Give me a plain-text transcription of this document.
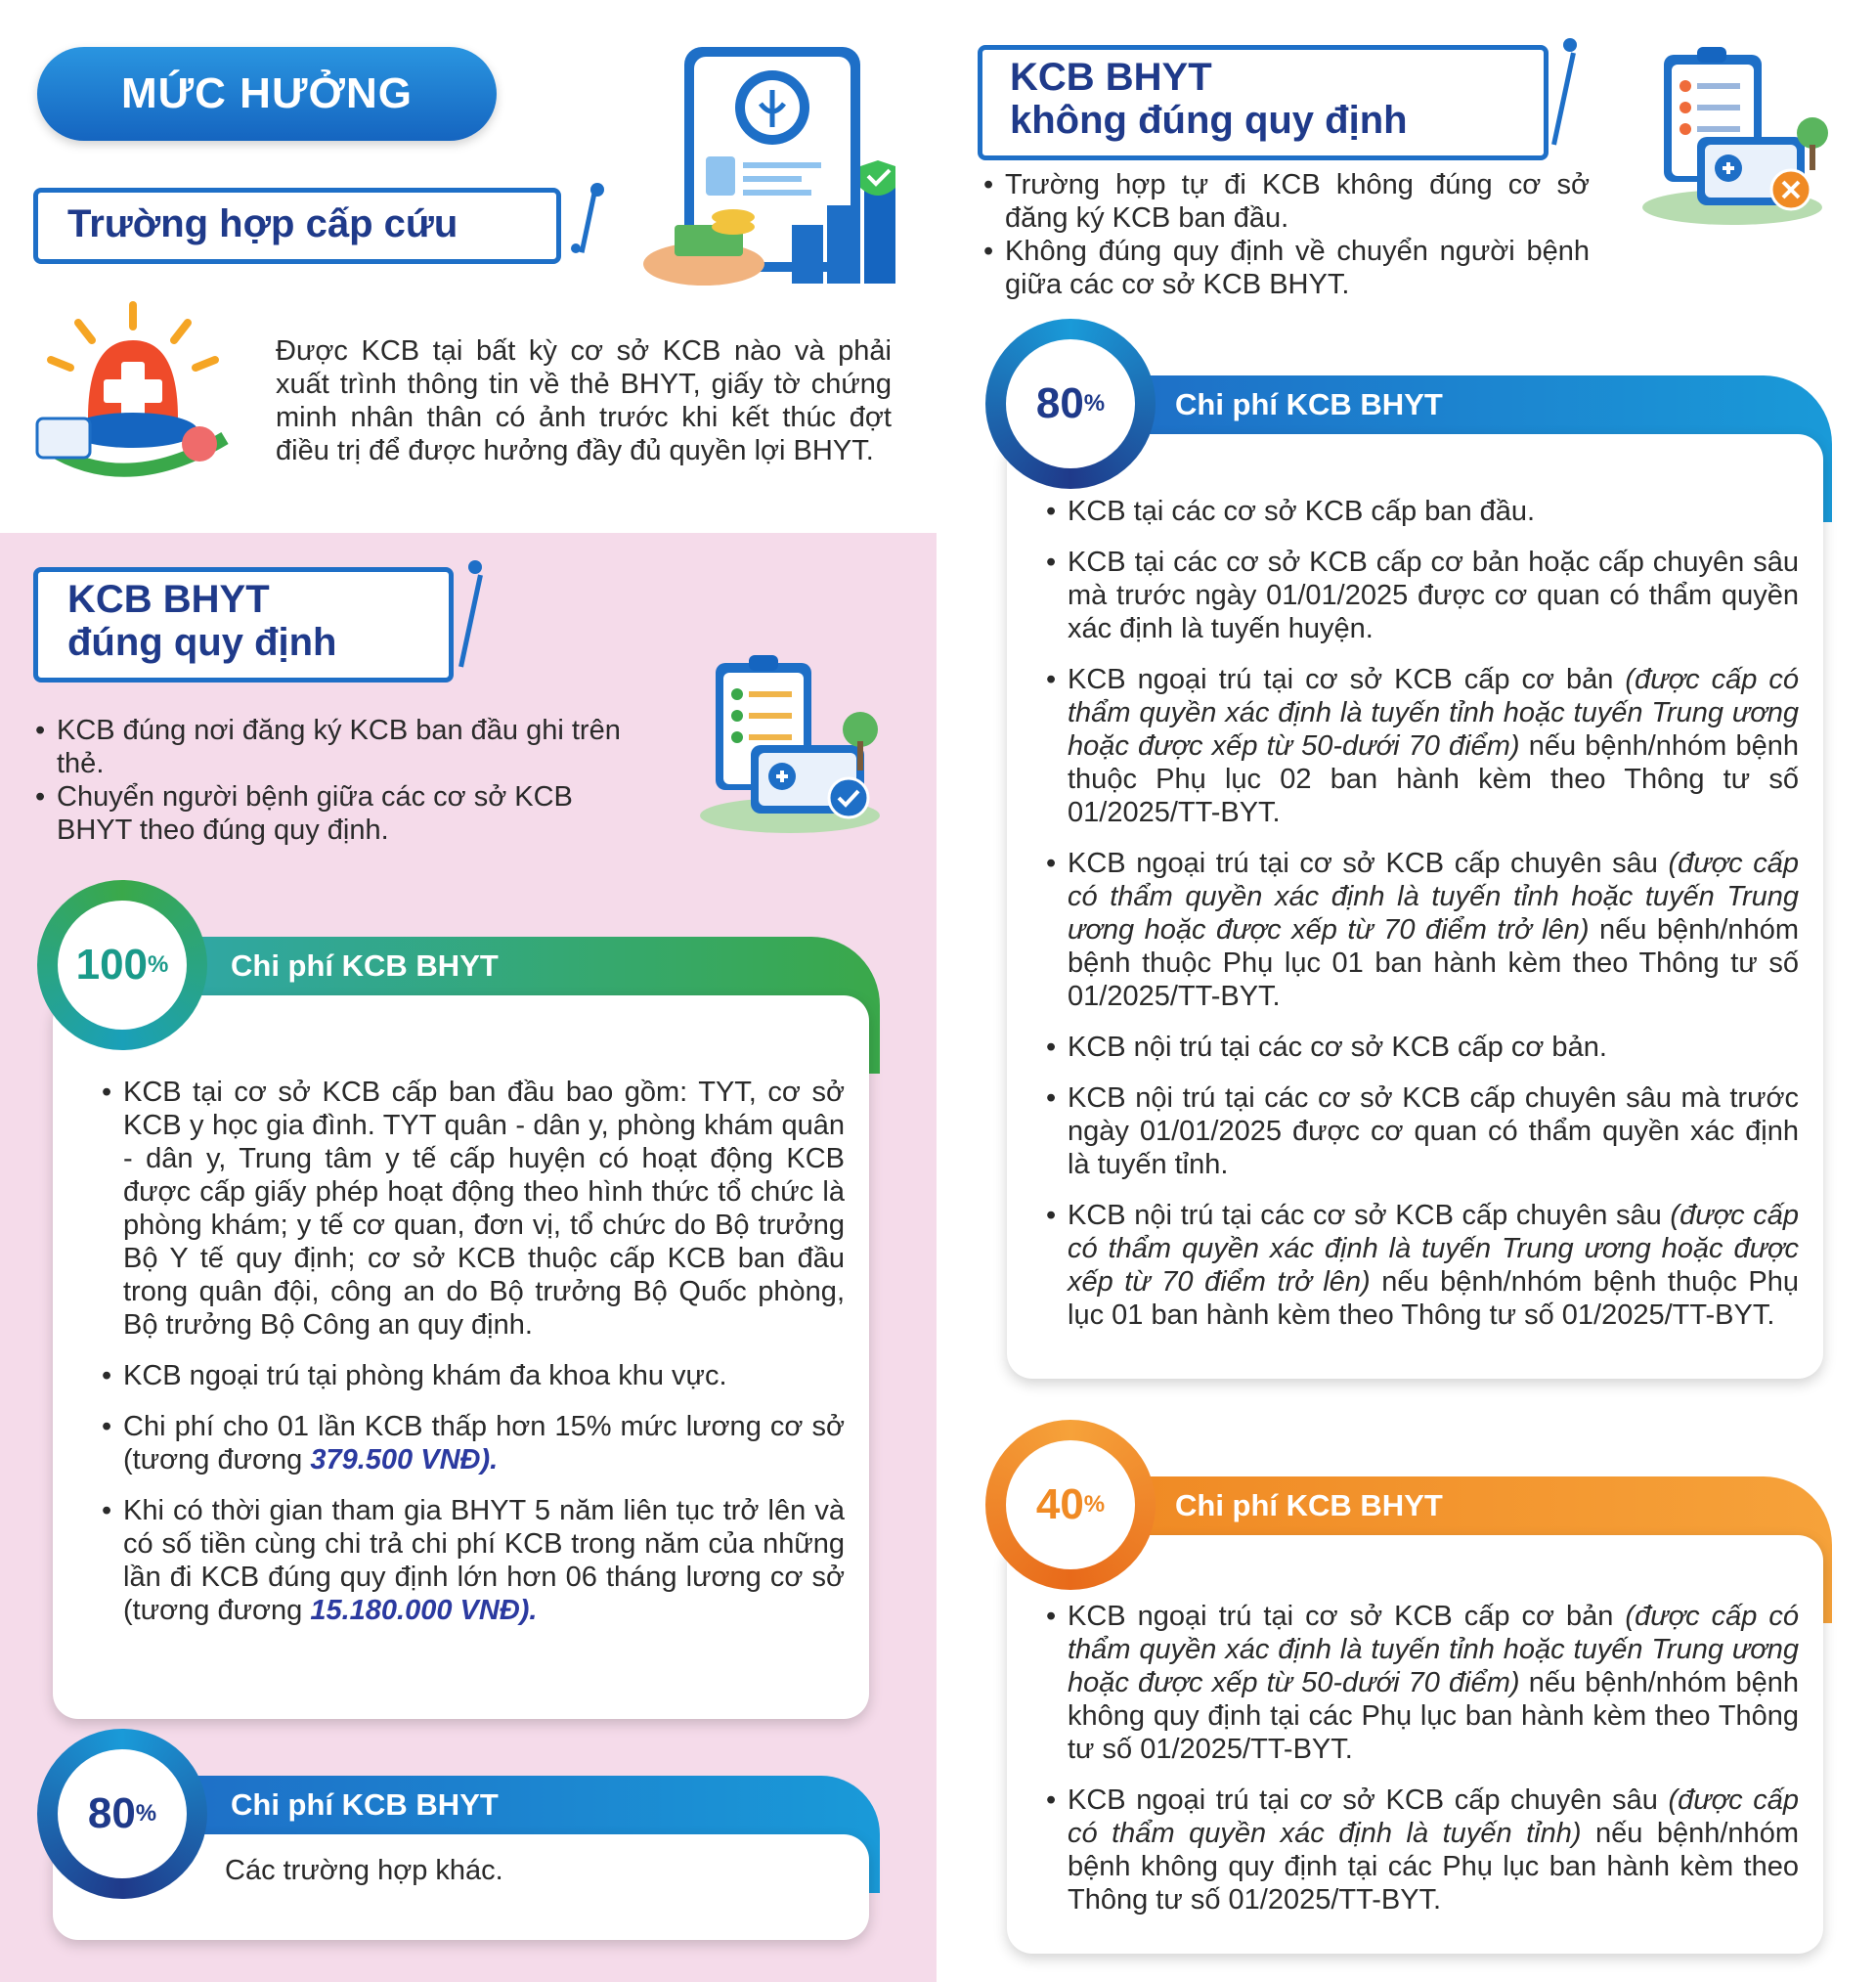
MỨC HƯỞNG
Trường hợp cấp cứu
Được KCB tại bất kỳ cơ sở KCB nào và phải xuất trình thông tin về thẻ BHYT, giấy tờ chứng minh nhân thân có ảnh trước khi kết thúc đợt điều trị để được hưởng đầy đủ quyền lợi BHYT.
KCB BHYT
đúng quy định
• KCB đúng nơi đăng ký KCB ban đầu ghi trên thẻ.
• Chuyển người bệnh giữa các cơ sở KCB BHYT theo đúng quy định.
Chi phí KCB BHYT
• KCB tại cơ sở KCB cấp ban đầu bao gồm: TYT, cơ sở KCB y học gia đình. TYT quân - dân y, phòng khám quân - dân y, Trung tâm y tế cấp huyện có hoạt động KCB được cấp giấy phép hoạt động theo hình thức tổ chức là phòng khám; y tế cơ quan, đơn vị, tổ chức do Bộ trưởng Bộ Y tế quy định; cơ sở KCB thuộc cấp KCB ban đầu trong quân đội, công an do Bộ trưởng Bộ Quốc phòng, Bộ trưởng Bộ Công an quy định.
• KCB ngoại trú tại phòng khám đa khoa khu vực.
• Chi phí cho 01 lần KCB thấp hơn 15% mức lương cơ sở (tương đương 379.500 VNĐ).
• Khi có thời gian tham gia BHYT 5 năm liên tục trở lên và có số tiền cùng chi trả chi phí KCB trong năm của những lần đi KCB đúng quy định lớn hơn 06 tháng lương cơ sở (tương đương 15.180.000 VNĐ).
100 %
Chi phí KCB BHYT
Các trường hợp khác.
80 %
KCB BHYT
không đúng quy định
• Trường hợp tự đi KCB không đúng cơ sở đăng ký KCB ban đầu.
• Không đúng quy định về chuyển người bệnh giữa các cơ sở KCB BHYT.
Chi phí KCB BHYT
• KCB tại các cơ sở KCB cấp ban đầu.
• KCB tại các cơ sở KCB cấp cơ bản hoặc cấp chuyên sâu mà trước ngày 01/01/2025 được cơ quan có thẩm quyền xác định là tuyến huyện.
• KCB ngoại trú tại cơ sở KCB cấp cơ bản (được cấp có thẩm quyền xác định là tuyến tỉnh hoặc tuyến Trung ương hoặc được xếp từ 50-dưới 70 điểm) nếu bệnh/nhóm bệnh thuộc Phụ lục 02 ban hành kèm theo Thông tư số 01/2025/TT-BYT.
• KCB ngoại trú tại cơ sở KCB cấp chuyên sâu (được cấp có thẩm quyền xác định là tuyến tỉnh hoặc tuyến Trung ương hoặc được xếp từ 70 điểm trở lên) nếu bệnh/nhóm bệnh thuộc Phụ lục 01 ban hành kèm theo Thông tư số 01/2025/TT-BYT.
• KCB nội trú tại các cơ sở KCB cấp cơ bản.
• KCB nội trú tại các cơ sở KCB cấp chuyên sâu mà trước ngày 01/01/2025 được cơ quan có thẩm quyền xác định là tuyến tỉnh.
• KCB nội trú tại các cơ sở KCB cấp chuyên sâu (được cấp có thẩm quyền xác định là tuyến Trung ương hoặc được xếp từ 70 điểm trở lên) nếu bệnh/nhóm bệnh thuộc Phụ lục 01 ban hành kèm theo Thông tư số 01/2025/TT-BYT.
80 %
Chi phí KCB BHYT
• KCB ngoại trú tại cơ sở KCB cấp cơ bản (được cấp có thẩm quyền xác định là tuyến tỉnh hoặc tuyến Trung ương hoặc được xếp từ 50-dưới 70 điểm) nếu bệnh/nhóm bệnh không quy định tại các Phụ lục ban hành kèm theo Thông tư số 01/2025/TT-BYT.
• KCB ngoại trú tại cơ sở KCB cấp chuyên sâu (được cấp có thẩm quyền xác định là tuyến tỉnh) nếu bệnh/nhóm bệnh không quy định tại các Phụ lục ban hành kèm theo Thông tư số 01/2025/TT-BYT.
40 %
